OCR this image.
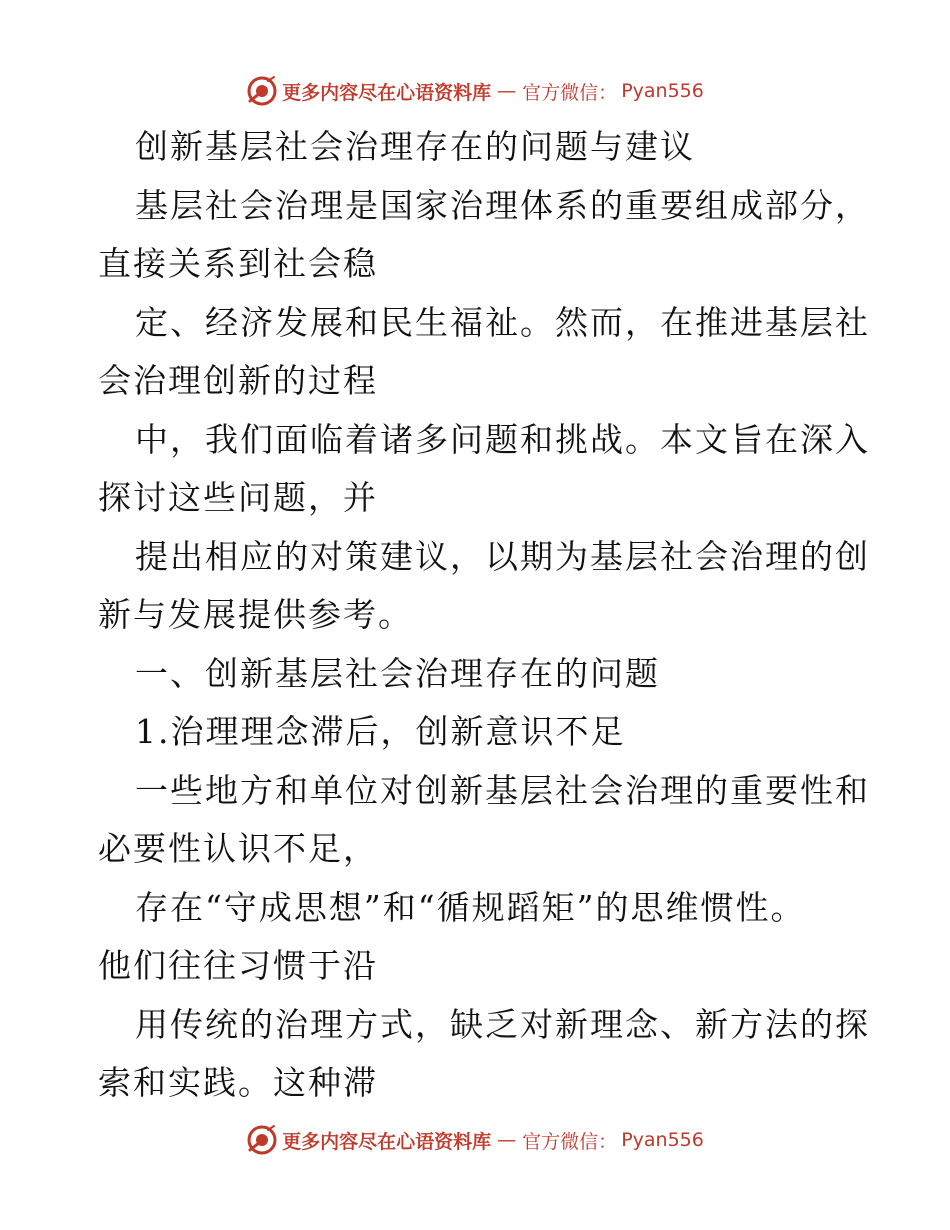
更多内容尽在心语资料库 — 官方微信： Pyan556
创新基层社会治理存在的问题与建议
基层社会治理是国家治理体系的重要组成部分，
直接关系到社会稳
定、经济发展和民生福祉。然而，在推进基层社
会治理创新的过程
中，我们面临着诸多问题和挑战。本文旨在深入
探讨这些问题，并
提出相应的对策建议，以期为基层社会治理的创
新与发展提供参考。
一、创新基层社会治理存在的问题
1.治理理念滞后，创新意识不足
一些地方和单位对创新基层社会治理的重要性和
必要性认识不足，
存在“守成思想”和“循规蹈矩”的思维惯性。
他们往往习惯于沿
用传统的治理方式，缺乏对新理念、新方法的探
索和实践。这种滞
更多内容尽在心语资料库 — 官方微信： Pyan556
